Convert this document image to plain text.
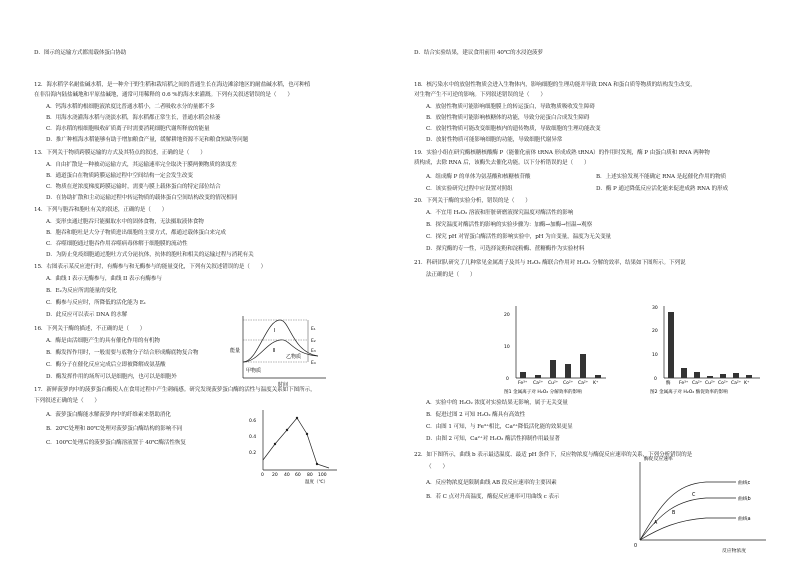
D．图示的运输方式都需载体蛋白协助
12．海水稻学名耐盐碱水稻，是一种介于野生稻和栽培稻之间的普通生长在海边滩涂地区的耐盐碱水稻，也可种植
在非沿海内陆盐碱地和平原盐碱地，通常可用稀释的 0.6 %的海水来灌溉。下列有关叙述错误的是（　　）
A．钙海水稻的根细胞液浓度比普通水稻小，二者吸收水分的量都不多
B．用海水浇灌海水稻与浇淡水稻，海水稻都正常生长，普通水稻会枯萎
C．海水稻的根细胞吸收矿质离子时需要消耗细胞代谢所释放的能量
D．推广种植海水稻能够有助于增加粮食产量，缓解耕地资源不足和粮食短缺等问题
13．下列关于物质跨膜运输的方式及其特点的叙述，正确的是（　　）
A．自由扩散是一种被动运输方式，其运输速率完全取决于膜两侧物质的浓度差
B．通道蛋白在物质跨膜运输过程中空间结构一定会发生改变
C．物质在逆浓度梯度跨膜运输时，需要与膜上载体蛋白的特定部位结合
D．在协助扩散和主动运输过程中转运物质的载体蛋白空间结构改变的情况相同
14．下列与胞吞和胞吐有关的叙述，正确的是（　　）
A．变形虫通过胞吞只能摄取水中的固体食物，无法摄取液体食物
B．胞吞和胞吐是大分子物质进出细胞的主要方式，都通过载体蛋白来完成
C．吞噬细胞通过胞吞作用吞噬病毒体解于细胞膜的流动性
D．为防止免疫细胞通过胞吐方式分泌抗体，抗体的胞吐和相关的运输过程与消耗有关
15．右图表示某反应进行时，有酶参与和无酶参与的能量变化，下列有关叙述错误的是（　　）
A．曲线 I 表示无酶参与，曲线 II 表示有酶参与
B．E₂为反应所需能量的变化
C．酶参与反应时，所降低的活化能为 E₁
D．此反应可以表示 DNA 的水解
16．下列关于酶的描述，不正确的是（　　）
A．酶是由活细胞产生的具有催化作用的有机物
B．酶发挥作用时，一般需要与底物分子结合形成酶底物复合物
C．酶分子在催化反应完成后立即被降解成氨基酸
D．酶发挥作用的场所可以是细胞内，也可以是细胞外
17．新鲜菠萝肉中的菠萝蛋白酶使人在食用过程中产生刺痛感。研究发现菠萝蛋白酶的活性与温度关系如下图所示，
下列叙述正确的是（　　）
A．菠萝蛋白酶能水解菠萝肉中的纤维素来帮助消化
B．20℃处理和 80℃处理对菠萝蛋白酶结构的影响不同
C．100℃处理后的菠萝蛋白酶溶液置于 40℃酶活性恢复
Ⅰ
Ⅱ
乙物质
甲物质
能量
时间
E₁
E₂
E₃
E₄
0.2
0.4
0.6
0 20 40 60 80 100
温度（℃）
D．结合实验结果，建议食用前用 40℃的水浸泡菠萝
18．核污染水中的放射性物质会进入生物体内，影响细胞的生理功能并导致 DNA 和蛋白质等物质的结构发生改变，
对生物产生不可逆的影响。下列叙述错误的是（　　）
A．放射性物质可能影响细胞膜上的转运蛋白，导致物质吸收发生障碍
B．放射性物质可能影响核糖体的功能，导致分泌蛋白合成发生障碍
C．放射性物质可能改变细胞核内的遗传物质，导致细胞的生理功能改变
D．放射性物质可能影响细胞的功能，导致细胞代谢异常
19．实验小组在研究酶核糖核酸酶 P（能催化前体 tRNA 形成成熟 tRNA）的作用时发现，酶 P 由蛋白质和 RNA 两种物
质构成，去除 RNA 后，该酶失去催化功能。以下分析错误的是（　　）
A．组成酶 P 的单体为氨基酸和核糖核苷酸	B．上述实验发现不能确定 RNA 是起催化作用的物质
C．该实验研究过程中应设置对照组	D．酶 P 通过降低反应活化能来促进成熟 RNA 的形成
20．下列关于酶的实验分析，错误的是（　　）
A．不宜用 H₂O₂ 溶液和肝脏研磨液探究温度对酶活性的影响
B．探究温度对酶活性的影响的实验步骤为：加酶→加酶→恒温→观察
C．探究 pH 对胃蛋白酶活性的影响实验中，pH 为自变量，温度为无关变量
D．探究酶的专一性，可选择淀粉和淀粉酶、蔗糖酶作为实验材料
21．科研团队研究了几种常见金属离子及其与 H₂O₂ 酶联合作用对 H₂O₂ 分解的效率，结果如下图所示。下列说
法正确的是（　　）
A．实验中的 H₂O₂ 浓度对实验结果无影响，属于无关变量
B．促进过图 2 可知 H₂O₂ 酶具有高效性
C．由图 1 可知，与 Fe³⁺相比，Ca²⁺降低活化能的效果更显
D．由图 2 可知，Ca²⁺对 H₂O₂ 酶活性抑制作用最显著
22．如下图所示，曲线 b 表示最适温度、最适 pH 条件下，反应物浓度与酶促反应速率的关系，下列分析错误的是
（　　）
A．反应物浓度是限制曲线 AB 段反应速率的主要因素
B．若 C 点对升高温度，酶促反应速率可用曲线 c 表示
0
10
20
Fe³⁺ Ca²⁺ Cu²⁺ Co²⁺ Ca²⁺ K⁺
图1 金属离子对 H₂O₂ 分解效率的影响
0
10
20
30
酶 Fe³⁺ Ca²⁺ Cu²⁺ Co²⁺ Ca²⁺ K⁺
图2 金属离子对 H₂O₂ 酶促效率的影响
酶促反应速率
曲线c
曲线b
曲线a
A
B
C
0
反应物浓度
